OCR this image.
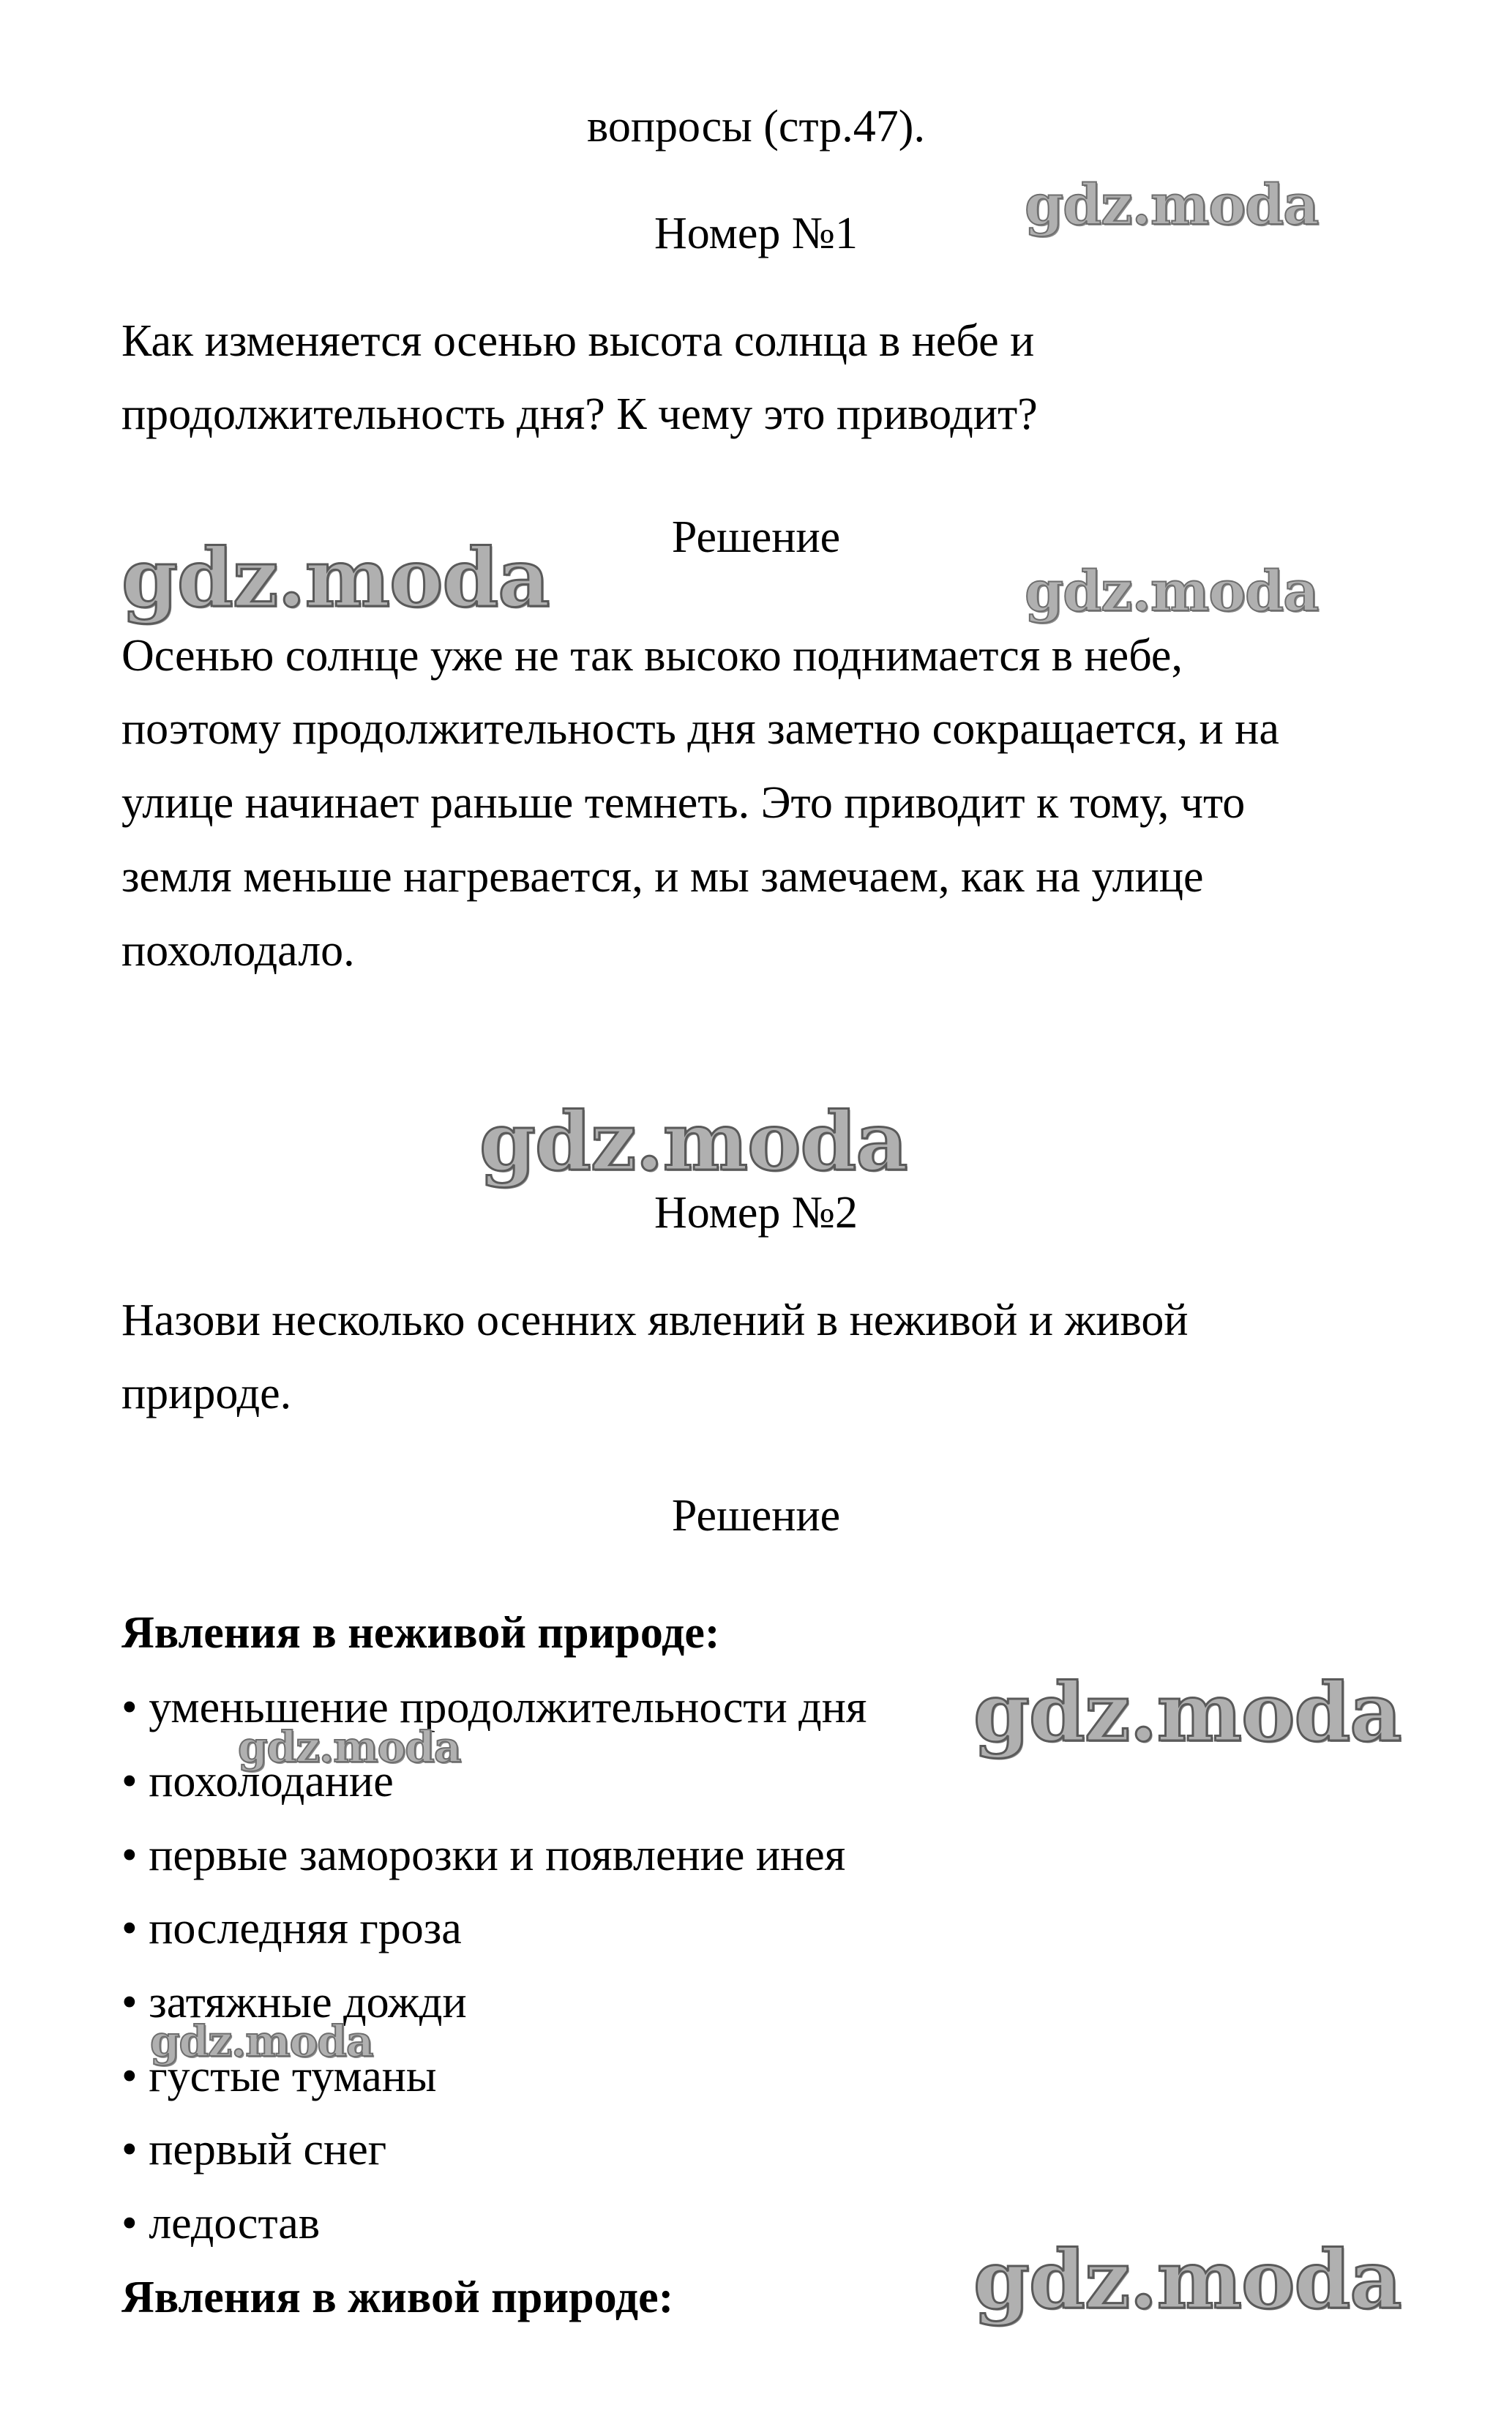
вопросы (стр.47).
Номер №1
Как изменяется осенью высота солнца в небе и
продолжительность дня? К чему это приводит?
Решение
Осенью солнце уже не так высоко поднимается в небе,
поэтому продолжительность дня заметно сокращается, и на
улице начинает раньше темнеть. Это приводит к тому, что
земля меньше нагревается, и мы замечаем, как на улице
похолодало.
Номер №2
Назови несколько осенних явлений в неживой и живой
природе.
Решение
Явления в неживой природе:
• уменьшение продолжительности дня
• похолодание
• первые заморозки и появление инея
• последняя гроза
• затяжные дожди
• густые туманы
• первый снег
• ледостав
Явления в живой природе:
gdz.moda
gdz.moda	gdz.moda
gdz.moda
gdz.moda
gdz.moda
gdz.moda
gdz.moda
